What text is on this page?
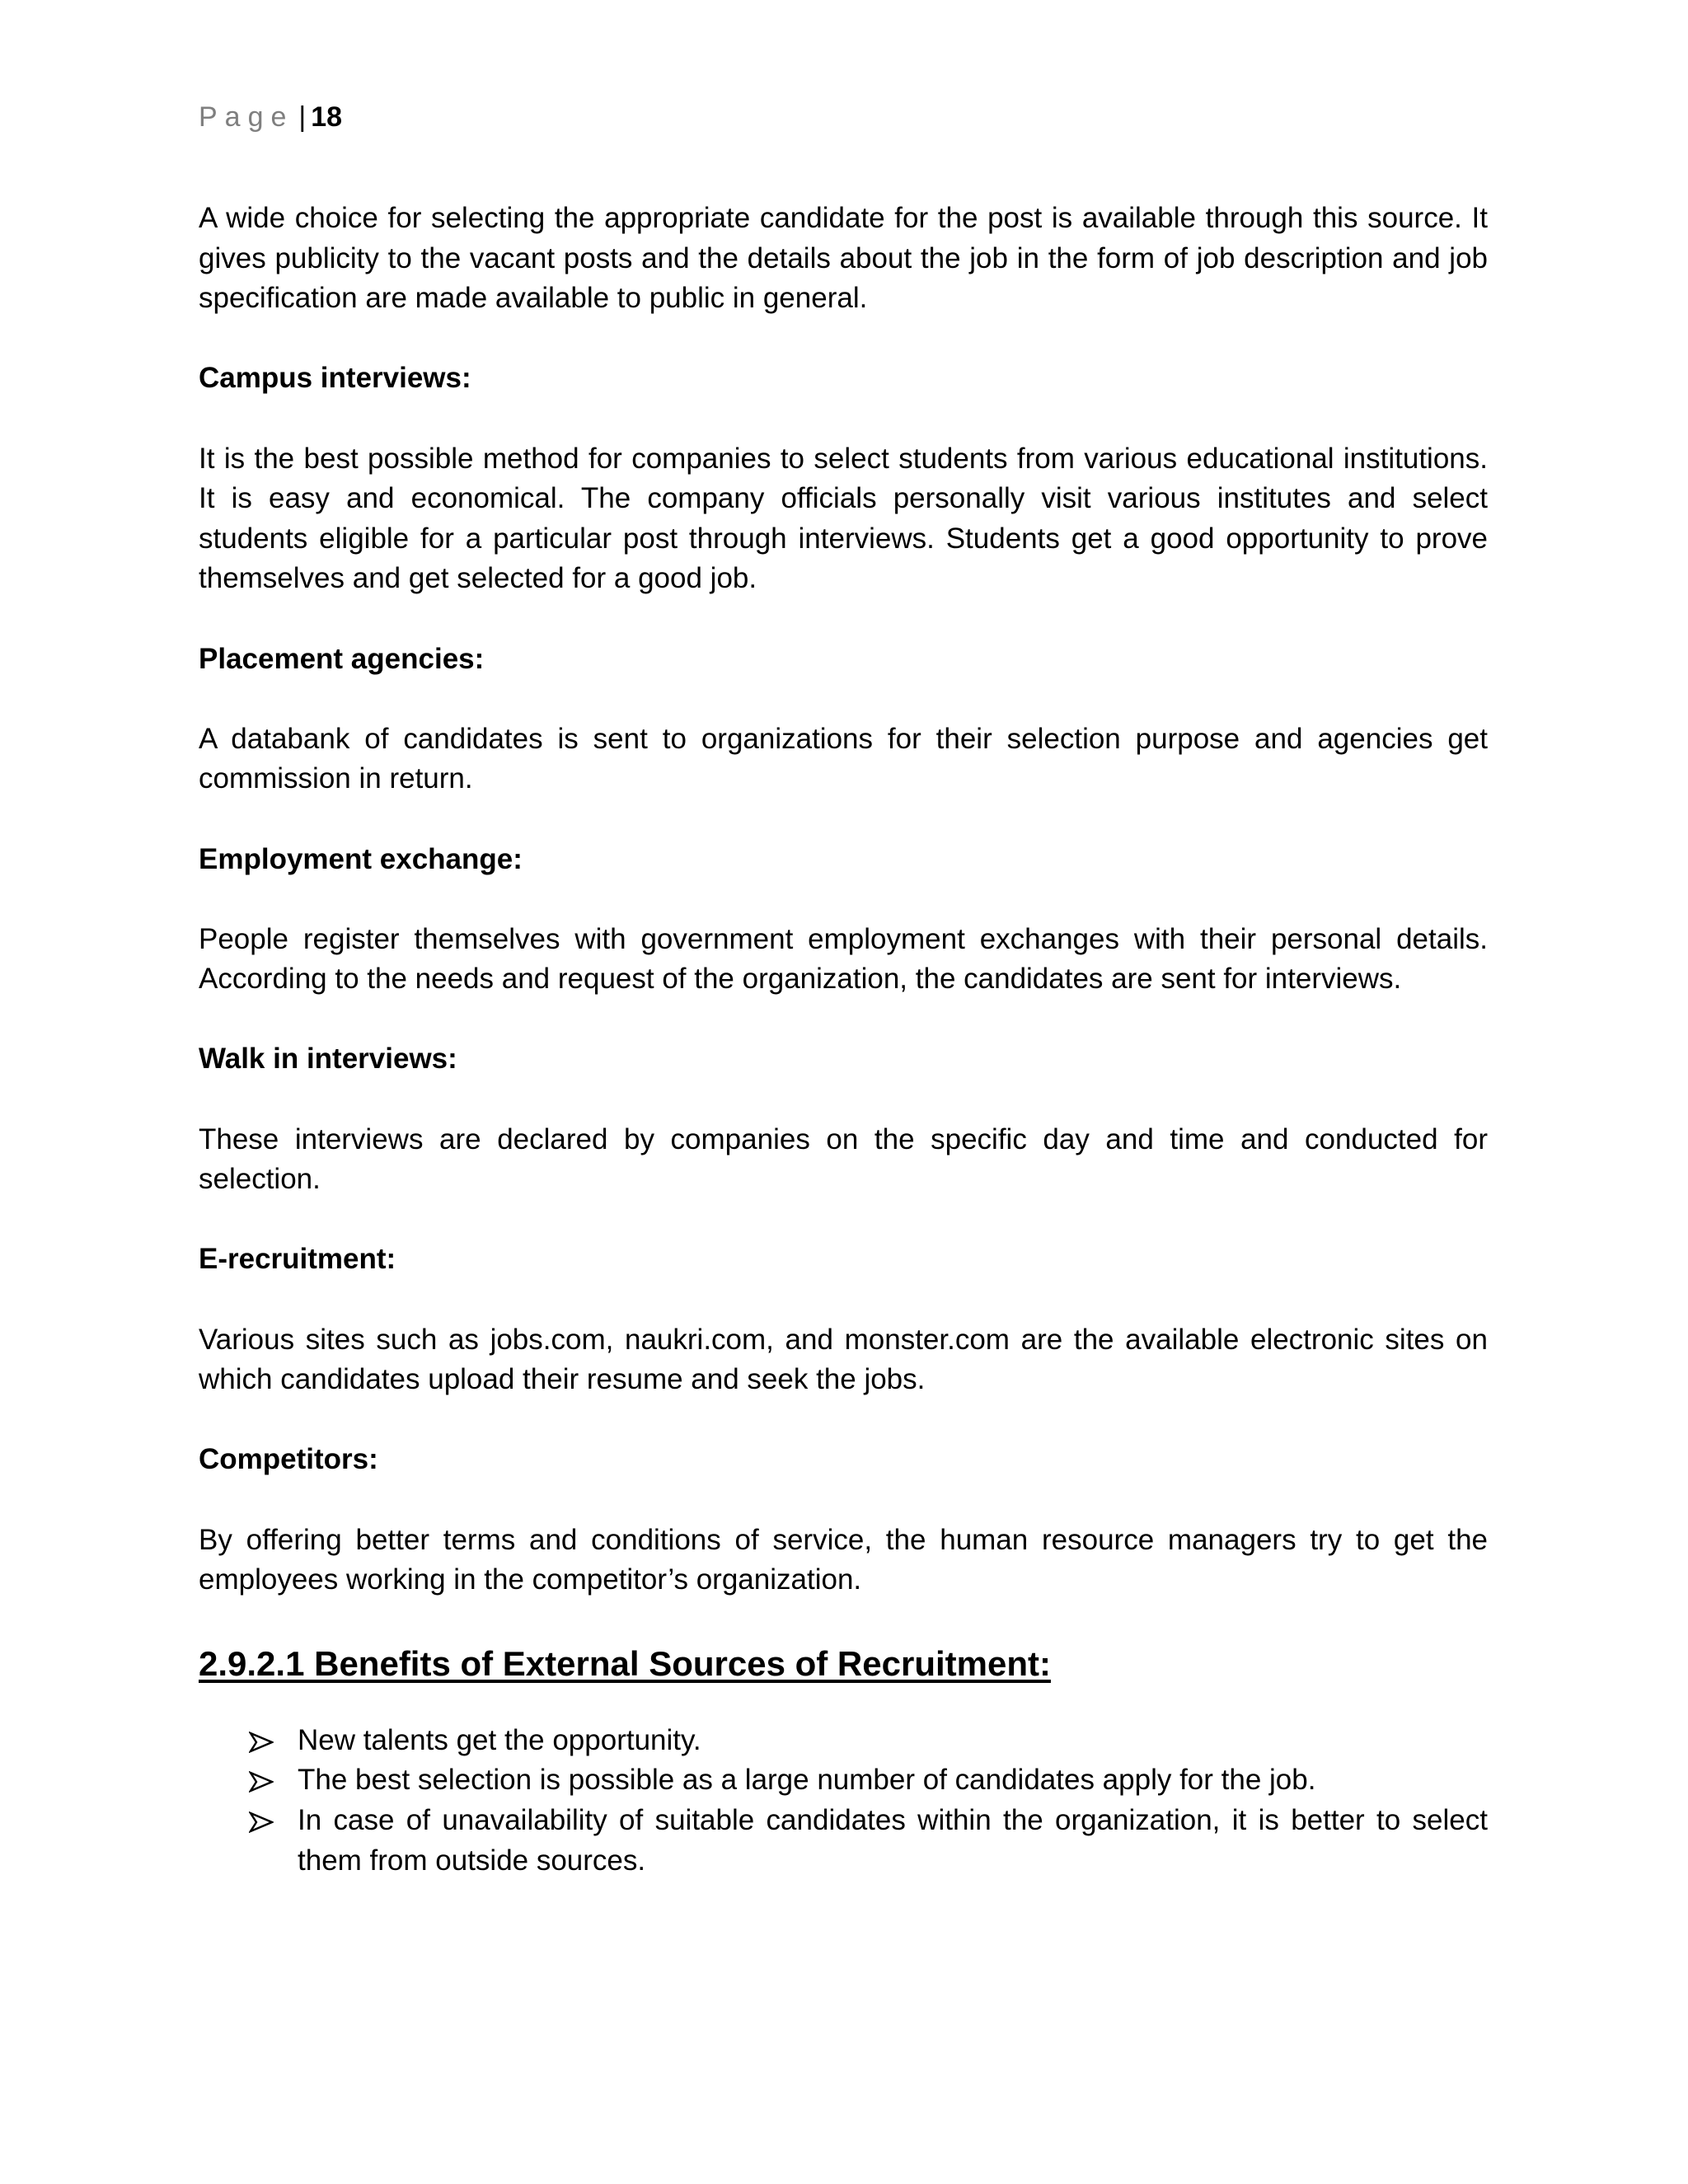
Page | 18

A wide choice for selecting the appropriate candidate for the post is available through this source. It gives publicity to the vacant posts and the details about the job in the form of job description and job specification are made available to public in general.

Campus interviews:

It is the best possible method for companies to select students from various educational institutions. It is easy and economical. The company officials personally visit various institutes and select students eligible for a particular post through interviews. Students get a good opportunity to prove themselves and get selected for a good job.

Placement agencies:

A databank of candidates is sent to organizations for their selection purpose and agencies get commission in return.

Employment exchange:

People register themselves with government employment exchanges with their personal details. According to the needs and request of the organization, the candidates are sent for interviews.

Walk in interviews:

These interviews are declared by companies on the specific day and time and conducted for selection.

E-recruitment:

Various sites such as jobs.com, naukri.com, and monster.com are the available electronic sites on which candidates upload their resume and seek the jobs.

Competitors:

By offering better terms and conditions of service, the human resource managers try to get the employees working in the competitor’s organization.

2.9.2.1 Benefits of External Sources of Recruitment:
New talents get the opportunity.
The best selection is possible as a large number of candidates apply for the job.
In case of unavailability of suitable candidates within the organization, it is better to select them from outside sources.
